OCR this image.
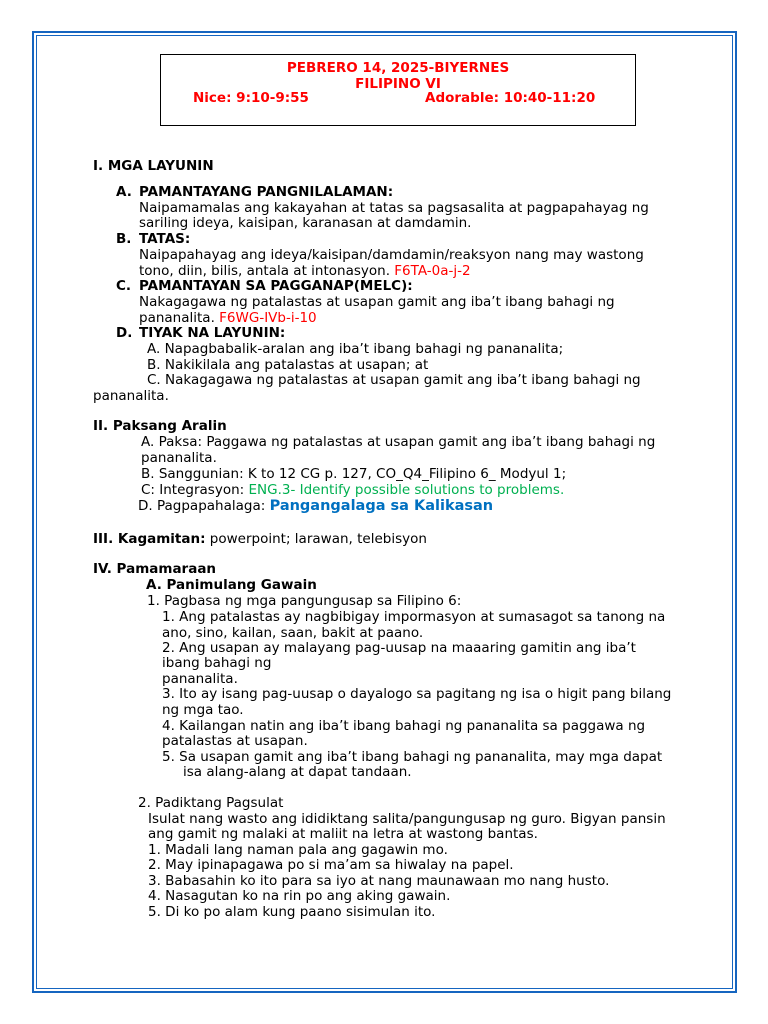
PEBRERO 14, 2025-BIYERNES
FILIPINO VI
Nice: 9:10-9:55	Adorable: 10:40-11:20
I. MGA LAYUNIN
A. PAMANTAYANG PANGNILALAMAN:
Naipamamalas ang kakayahan at tatas sa pagsasalita at pagpapahayag ng
sariling ideya, kaisipan, karanasan at damdamin.
B. TATAS:
Naipapahayag ang ideya/kaisipan/damdamin/reaksyon nang may wastong
tono, diin, bilis, antala at intonasyon. F6TA-0a-j-2
C. PAMANTAYAN SA PAGGANAP(MELC):
Nakagagawa ng patalastas at usapan gamit ang iba’t ibang bahagi ng
pananalita. F6WG-IVb-i-10
D. TIYAK NA LAYUNIN:
A. Napagbabalik-aralan ang iba’t ibang bahagi ng pananalita;
B. Nakikilala ang patalastas at usapan; at
C. Nakagagawa ng patalastas at usapan gamit ang iba’t ibang bahagi ng
pananalita.
II. Paksang Aralin
A. Paksa: Paggawa ng patalastas at usapan gamit ang iba’t ibang bahagi ng
pananalita.
B. Sanggunian: K to 12 CG p. 127, CO_Q4_Filipino 6_ Modyul 1;
C: Integrasyon: ENG.3- Identify possible solutions to problems.
D. Pagpapahalaga: Pangangalaga sa Kalikasan
III. Kagamitan: powerpoint; larawan, telebisyon
IV. Pamamaraan
A. Panimulang Gawain
1. Pagbasa ng mga pangungusap sa Filipino 6:
1. Ang patalastas ay nagbibigay impormasyon at sumasagot sa tanong na
ano, sino, kailan, saan, bakit at paano.
2. Ang usapan ay malayang pag-uusap na maaaring gamitin ang iba’t
ibang bahagi ng
pananalita.
3. Ito ay isang pag-uusap o dayalogo sa pagitang ng isa o higit pang bilang
ng mga tao.
4. Kailangan natin ang iba’t ibang bahagi ng pananalita sa paggawa ng
patalastas at usapan.
5. Sa usapan gamit ang iba’t ibang bahagi ng pananalita, may mga dapat
isa alang-alang at dapat tandaan.
2. Padiktang Pagsulat
Isulat nang wasto ang ididiktang salita/pangungusap ng guro. Bigyan pansin
ang gamit ng malaki at maliit na letra at wastong bantas.
1. Madali lang naman pala ang gagawin mo.
2. May ipinapagawa po si ma’am sa hiwalay na papel.
3. Babasahin ko ito para sa iyo at nang maunawaan mo nang husto.
4. Nasagutan ko na rin po ang aking gawain.
5. Di ko po alam kung paano sisimulan ito.
